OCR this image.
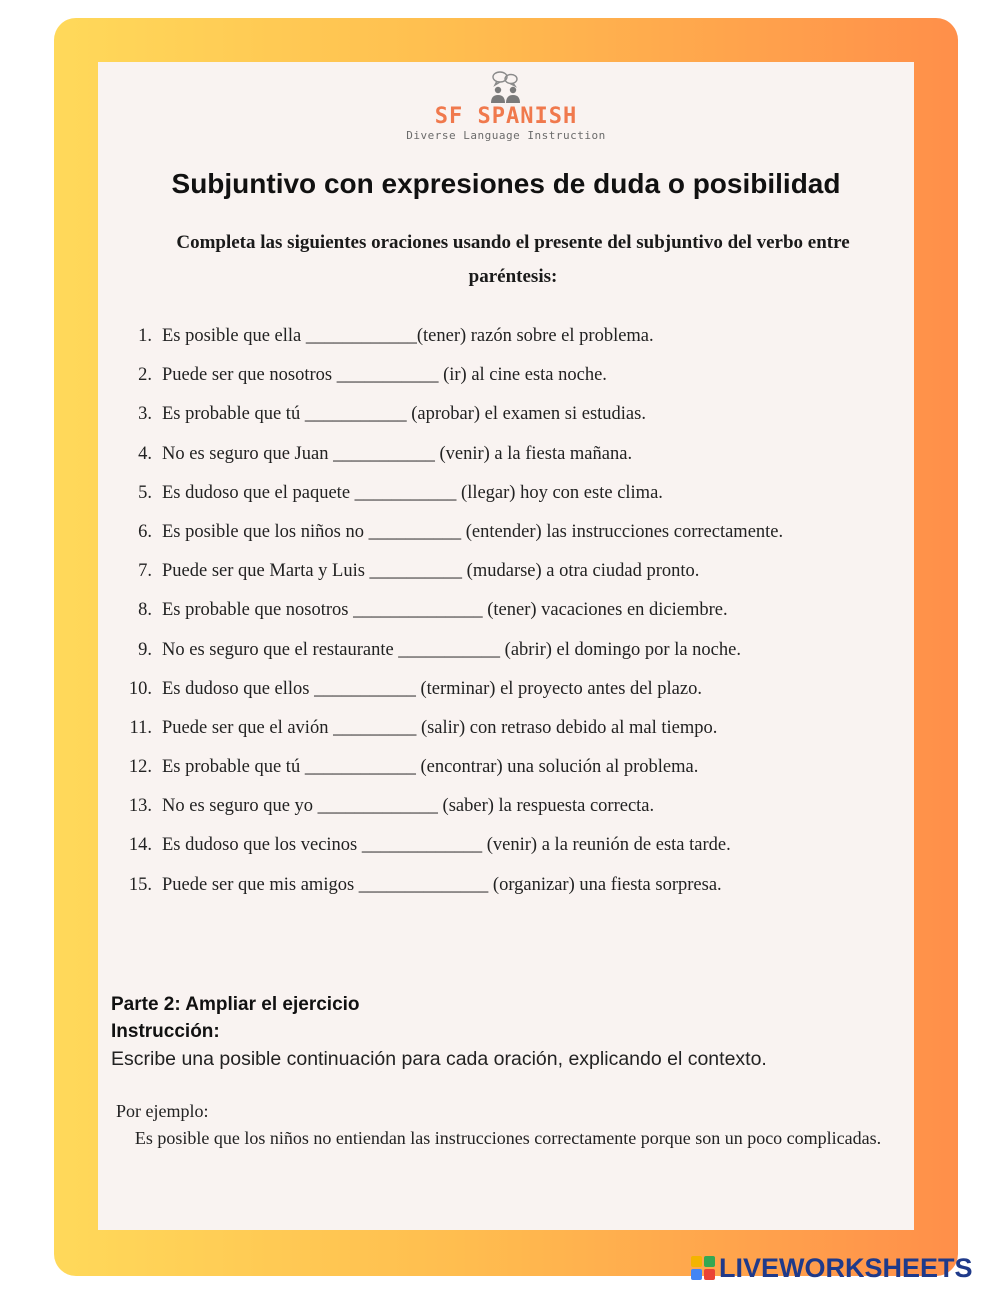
SF SPANISH
Diverse Language Instruction
Subjuntivo con expresiones de duda o posibilidad
Completa las siguientes oraciones usando el presente del subjuntivo del verbo entre paréntesis:
1. Es posible que ella ____________(tener) razón sobre el problema.
2. Puede ser que nosotros ___________ (ir) al cine esta noche.
3. Es probable que tú ___________ (aprobar) el examen si estudias.
4. No es seguro que Juan ___________ (venir) a la fiesta mañana.
5. Es dudoso que el paquete ___________ (llegar) hoy con este clima.
6. Es posible que los niños no __________ (entender) las instrucciones correctamente.
7. Puede ser que Marta y Luis __________ (mudarse) a otra ciudad pronto.
8. Es probable que nosotros ______________ (tener) vacaciones en diciembre.
9. No es seguro que el restaurante ___________ (abrir) el domingo por la noche.
10. Es dudoso que ellos ___________ (terminar) el proyecto antes del plazo.
11. Puede ser que el avión _________ (salir) con retraso debido al mal tiempo.
12. Es probable que tú ____________ (encontrar) una solución al problema.
13. No es seguro que yo _____________ (saber) la respuesta correcta.
14. Es dudoso que los vecinos _____________ (venir) a la reunión de esta tarde.
15. Puede ser que mis amigos ______________ (organizar) una fiesta sorpresa.
Parte 2: Ampliar el ejercicio
Instrucción:
Escribe una posible continuación para cada oración, explicando el contexto.
Por ejemplo:
Es posible que los niños no entiendan las instrucciones correctamente porque son un poco complicadas.
LIVEWORKSHEETS
